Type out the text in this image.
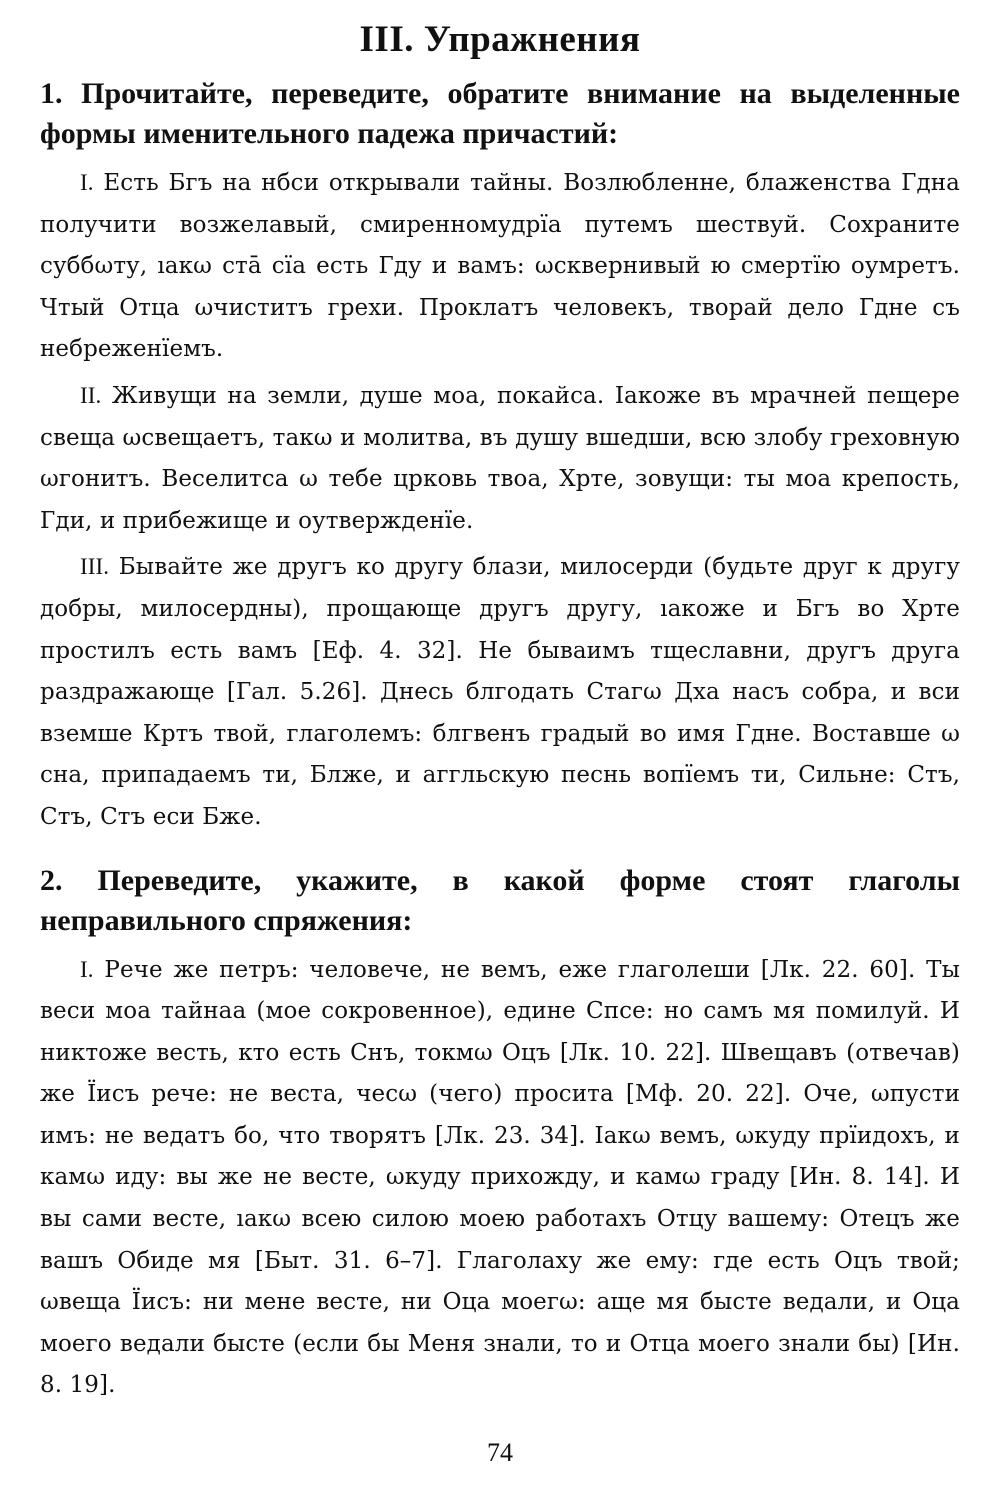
III. Упражнения
1. Прочитайте, переведите, обратите внимание на выделенные формы именительного падежа причастий:

I. Есть Бгъ на нбси открывали тайны. Возлюбленне, блаженства Гдна получити возжелавый, смиренномудрїа путемъ шествуй. Сохраните суббωту, ıакω стā сїа есть Гду и вамъ: ωсквернивый ю смертїю оумретъ. Чтый Отца ωчиститъ грехи. Проклатъ человекъ, творай дело Гдне съ небреженїемъ.

II. Живущи на земли, душе моа, покайса. Iакоже въ мрачней пещере свеща ωсвещаетъ, такω и молитва, въ душу вшедши, всю злобу греховную ωгонитъ. Веселитса ω тебе црковь твоа, Хрте, зовущи: ты моа крепость, Гди, и прибежище и оутвержденїе.

III. Бывайте же другъ ко другу блази, милосерди (будьте друг к другу добры, милосердны), прощающе другъ другу, ıакоже и Бгъ во Хрте простилъ есть вамъ [Еф. 4. 32]. Не бываимъ тщеславни, другъ друга раздражающе [Гал. 5.26]. Днесь блгодать Стагω Дха насъ собра, и вси вземше Кртъ твой, глаголемъ: блгвенъ градый во имя Гдне. Воставше ω сна, припадаемъ ти, Блже, и аггльскую песнь вопїемъ ти, Сильне: Стъ, Стъ, Стъ еси Бже.

2. Переведите, укажите, в какой форме стоят глаголы неправильного спряжения:

I. Рече же петръ: человече, не вемъ, еже глаголеши [Лк. 22. 60]. Ты веси моа тайнаа (мое сокровенное), едине Спсе: но самъ мя помилуй. И никтоже весть, кто есть Снъ, токмω Оцъ [Лк. 10. 22]. Швещавъ (отвечав) же Їисъ рече: не веста, чесω (чего) просита [Мф. 20. 22]. Оче, ωпусти имъ: не ведатъ бо, что творятъ [Лк. 23. 34]. Iакω вемъ, ωкуду прїидохъ, и камω иду: вы же не весте, ωкуду прихожду, и камω граду [Ин. 8. 14]. И вы сами весте, ıакω всею силою моею работахъ Отцу вашему: Отецъ же вашъ Обиде мя [Быт. 31. 6–7]. Глаголаху же ему: где есть Оцъ твой; ωвеща Їисъ: ни мене весте, ни Оца моегω: аще мя бысте ведали, и Оца моего ведали бысте (если бы Меня знали, то и Отца моего знали бы) [Ин. 8. 19].

74
